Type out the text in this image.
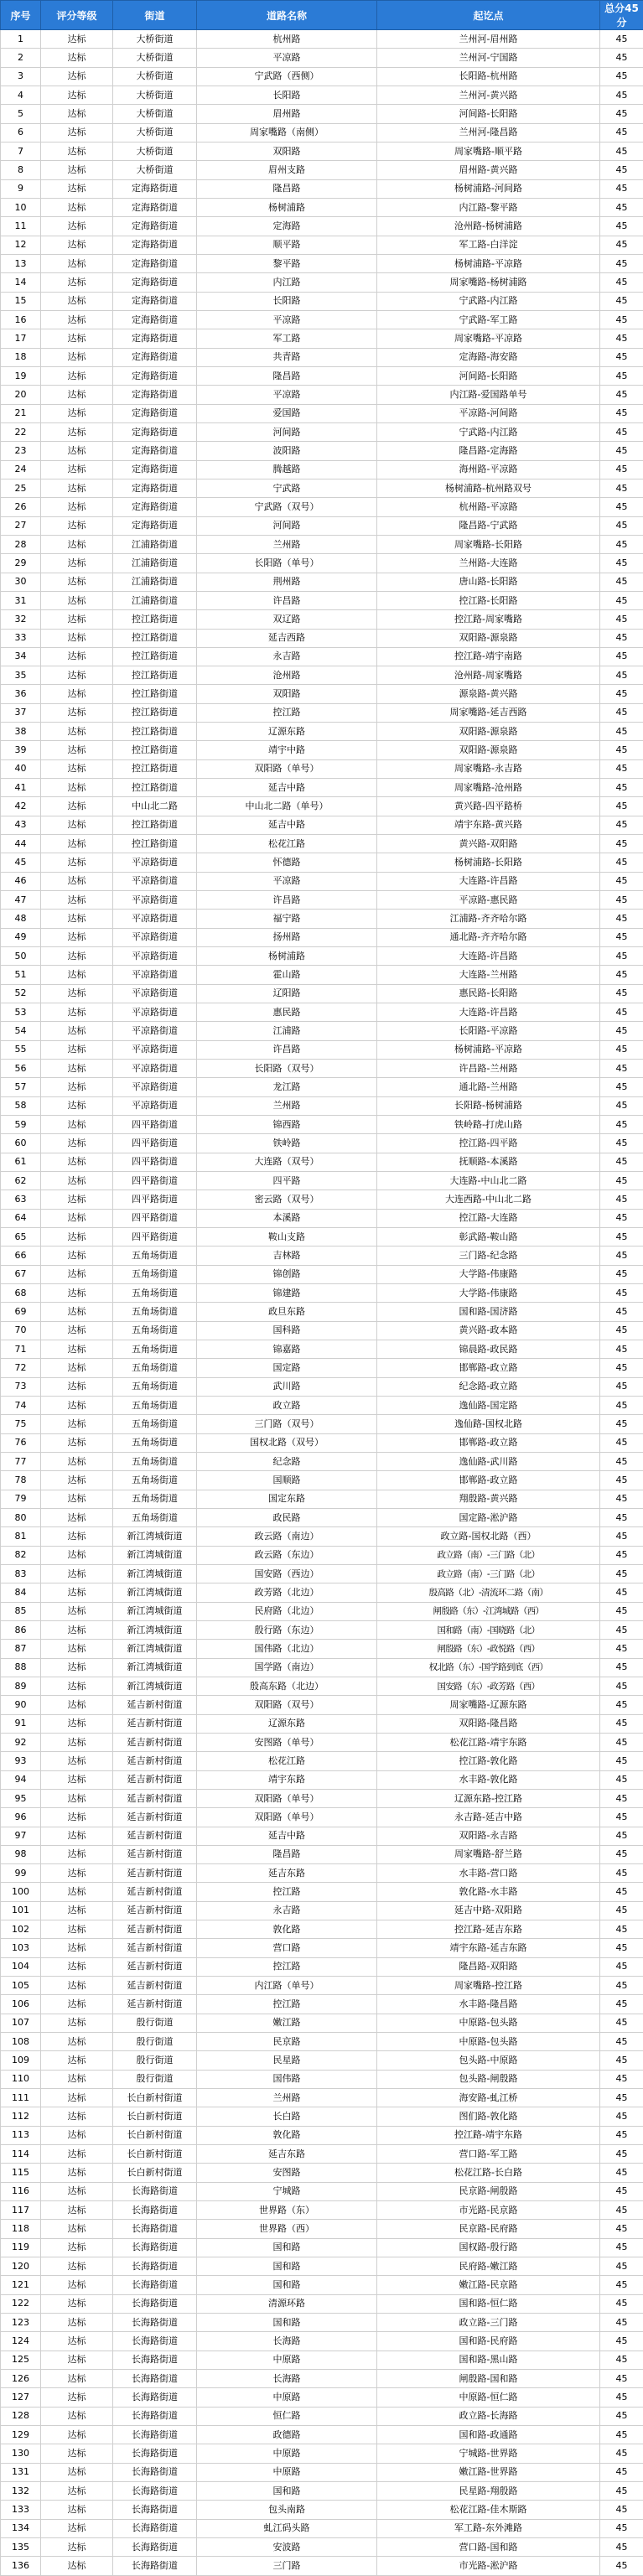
序号	评分等级	街道	道路名称	起讫点	总分45分
1	达标	大桥街道	杭州路	兰州河-眉州路	45
2	达标	大桥街道	平凉路	兰州河-宁国路	45
3	达标	大桥街道	宁武路（西侧）	长阳路-杭州路	45
4	达标	大桥街道	长阳路	兰州河-黄兴路	45
5	达标	大桥街道	眉州路	河间路-长阳路	45
6	达标	大桥街道	周家嘴路（南侧）	兰州河-隆昌路	45
7	达标	大桥街道	双阳路	周家嘴路-顺平路	45
8	达标	大桥街道	眉州支路	眉州路-黄兴路	45
9	达标	定海路街道	隆昌路	杨树浦路-河间路	45
10	达标	定海路街道	杨树浦路	内江路-黎平路	45
11	达标	定海路街道	定海路	沧州路-杨树浦路	45
12	达标	定海路街道	顺平路	军工路-白洋淀	45
13	达标	定海路街道	黎平路	杨树浦路-平凉路	45
14	达标	定海路街道	内江路	周家嘴路-杨树浦路	45
15	达标	定海路街道	长阳路	宁武路-内江路	45
16	达标	定海路街道	平凉路	宁武路-军工路	45
17	达标	定海路街道	军工路	周家嘴路-平凉路	45
18	达标	定海路街道	共青路	定海路-海安路	45
19	达标	定海路街道	隆昌路	河间路-长阳路	45
20	达标	定海路街道	平凉路	内江路-爱国路单号	45
21	达标	定海路街道	爱国路	平凉路-河间路	45
22	达标	定海路街道	河间路	宁武路-内江路	45
23	达标	定海路街道	波阳路	隆昌路-定海路	45
24	达标	定海路街道	腾越路	海州路-平凉路	45
25	达标	定海路街道	宁武路	杨树浦路-杭州路双号	45
26	达标	定海路街道	宁武路（双号）	杭州路-平凉路	45
27	达标	定海路街道	河间路	隆昌路-宁武路	45
28	达标	江浦路街道	兰州路	周家嘴路-长阳路	45
29	达标	江浦路街道	长阳路（单号）	兰州路-大连路	45
30	达标	江浦路街道	荆州路	唐山路-长阳路	45
31	达标	江浦路街道	许昌路	控江路-长阳路	45
32	达标	控江路街道	双辽路	控江路-周家嘴路	45
33	达标	控江路街道	延吉西路	双阳路-源泉路	45
34	达标	控江路街道	永吉路	控江路-靖宇南路	45
35	达标	控江路街道	沧州路	沧州路-周家嘴路	45
36	达标	控江路街道	双阳路	源泉路-黄兴路	45
37	达标	控江路街道	控江路	周家嘴路-延吉西路	45
38	达标	控江路街道	辽源东路	双阳路-源泉路	45
39	达标	控江路街道	靖宇中路	双阳路-源泉路	45
40	达标	控江路街道	双阳路（单号）	周家嘴路-永吉路	45
41	达标	控江路街道	延吉中路	周家嘴路-沧州路	45
42	达标	中山北二路	中山北二路（单号）	黄兴路-四平路桥	45
43	达标	控江路街道	延吉中路	靖宇东路-黄兴路	45
44	达标	控江路街道	松花江路	黄兴路-双阳路	45
45	达标	平凉路街道	怀德路	杨树浦路-长阳路	45
46	达标	平凉路街道	平凉路	大连路-许昌路	45
47	达标	平凉路街道	许昌路	平凉路-惠民路	45
48	达标	平凉路街道	福宁路	江浦路-齐齐哈尔路	45
49	达标	平凉路街道	扬州路	通北路-齐齐哈尔路	45
50	达标	平凉路街道	杨树浦路	大连路-许昌路	45
51	达标	平凉路街道	霍山路	大连路-兰州路	45
52	达标	平凉路街道	辽阳路	惠民路-长阳路	45
53	达标	平凉路街道	惠民路	大连路-许昌路	45
54	达标	平凉路街道	江浦路	长阳路-平凉路	45
55	达标	平凉路街道	许昌路	杨树浦路-平凉路	45
56	达标	平凉路街道	长阳路（双号）	许昌路-兰州路	45
57	达标	平凉路街道	龙江路	通北路-兰州路	45
58	达标	平凉路街道	兰州路	长阳路-杨树浦路	45
59	达标	四平路街道	锦西路	铁岭路-打虎山路	45
60	达标	四平路街道	铁岭路	控江路-四平路	45
61	达标	四平路街道	大连路（双号）	抚顺路-本溪路	45
62	达标	四平路街道	四平路	大连路-中山北二路	45
63	达标	四平路街道	密云路（双号）	大连西路-中山北二路	45
64	达标	四平路街道	本溪路	控江路-大连路	45
65	达标	四平路街道	鞍山支路	彰武路-鞍山路	45
66	达标	五角场街道	吉林路	三门路-纪念路	45
67	达标	五角场街道	锦创路	大学路-伟康路	45
68	达标	五角场街道	锦建路	大学路-伟康路	45
69	达标	五角场街道	政旦东路	国和路-国济路	45
70	达标	五角场街道	国科路	黄兴路-政本路	45
71	达标	五角场街道	锦嘉路	锦晨路-政民路	45
72	达标	五角场街道	国定路	邯郸路-政立路	45
73	达标	五角场街道	武川路	纪念路-政立路	45
74	达标	五角场街道	政立路	逸仙路-国定路	45
75	达标	五角场街道	三门路（双号）	逸仙路-国权北路	45
76	达标	五角场街道	国权北路（双号）	邯郸路-政立路	45
77	达标	五角场街道	纪念路	逸仙路-武川路	45
78	达标	五角场街道	国顺路	邯郸路-政立路	45
79	达标	五角场街道	国定东路	翔殷路-黄兴路	45
80	达标	五角场街道	政民路	国定路-淞沪路	45
81	达标	新江湾城街道	政云路（南边）	政立路-国权北路（西）	45
82	达标	新江湾城街道	政云路（东边）	政立路（南）-三门路（北）	45
83	达标	新江湾城街道	国安路（西边）	政立路（南）-三门路（北）	45
84	达标	新江湾城街道	政芳路（北边）	殷高路（北）-清流环二路（南）	45
85	达标	新江湾城街道	民府路（北边）	闸殷路（东）-江湾城路（西）	45
86	达标	新江湾城街道	殷行路（东边）	国和路（南）-国晓路（北）	45
87	达标	新江湾城街道	国伟路（北边）	闸殷路（东）-政悦路（西）	45
88	达标	新江湾城街道	国学路（南边）	权北路（东）-国学路到底（西）	45
89	达标	新江湾城街道	殷高东路（北边）	国安路（东）-政芳路（西）	45
90	达标	延吉新村街道	双阳路（双号）	周家嘴路-辽源东路	45
91	达标	延吉新村街道	辽源东路	双阳路-隆昌路	45
92	达标	延吉新村街道	安图路（单号）	松花江路-靖宇东路	45
93	达标	延吉新村街道	松花江路	控江路-敦化路	45
94	达标	延吉新村街道	靖宇东路	水丰路-敦化路	45
95	达标	延吉新村街道	双阳路（单号）	辽源东路-控江路	45
96	达标	延吉新村街道	双阳路（单号）	永吉路-延吉中路	45
97	达标	延吉新村街道	延吉中路	双阳路-永吉路	45
98	达标	延吉新村街道	隆昌路	周家嘴路-舒兰路	45
99	达标	延吉新村街道	延吉东路	水丰路-营口路	45
100	达标	延吉新村街道	控江路	敦化路-水丰路	45
101	达标	延吉新村街道	永吉路	延吉中路-双阳路	45
102	达标	延吉新村街道	敦化路	控江路-延吉东路	45
103	达标	延吉新村街道	营口路	靖宇东路-延吉东路	45
104	达标	延吉新村街道	控江路	隆昌路-双阳路	45
105	达标	延吉新村街道	内江路（单号）	周家嘴路-控江路	45
106	达标	延吉新村街道	控江路	水丰路-隆昌路	45
107	达标	殷行街道	嫩江路	中原路-包头路	45
108	达标	殷行街道	民京路	中原路-包头路	45
109	达标	殷行街道	民星路	包头路-中原路	45
110	达标	殷行街道	国伟路	包头路-闸殷路	45
111	达标	长白新村街道	兰州路	海安路-虬江桥	45
112	达标	长白新村街道	长白路	图们路-敦化路	45
113	达标	长白新村街道	敦化路	控江路-靖宇东路	45
114	达标	长白新村街道	延吉东路	营口路-军工路	45
115	达标	长白新村街道	安图路	松花江路-长白路	45
116	达标	长海路街道	宁城路	民京路-闸殷路	45
117	达标	长海路街道	世界路（东）	市光路-民京路	45
118	达标	长海路街道	世界路（西）	民京路-民府路	45
119	达标	长海路街道	国和路	国权路-殷行路	45
120	达标	长海路街道	国和路	民府路-嫩江路	45
121	达标	长海路街道	国和路	嫩江路-民京路	45
122	达标	长海路街道	清源环路	国和路-恒仁路	45
123	达标	长海路街道	国和路	政立路-三门路	45
124	达标	长海路街道	长海路	国和路-民府路	45
125	达标	长海路街道	中原路	国和路-黑山路	45
126	达标	长海路街道	长海路	闸殷路-国和路	45
127	达标	长海路街道	中原路	中原路-恒仁路	45
128	达标	长海路街道	恒仁路	政立路-长海路	45
129	达标	长海路街道	政德路	国和路-政通路	45
130	达标	长海路街道	中原路	宁城路-世界路	45
131	达标	长海路街道	中原路	嫩江路-世界路	45
132	达标	长海路街道	国和路	民星路-翔殷路	45
133	达标	长海路街道	包头南路	松花江路-佳木斯路	45
134	达标	长海路街道	虬江码头路	军工路-东外滩路	45
135	达标	长海路街道	安波路	营口路-国和路	45
136	达标	长海路街道	三门路	市光路-淞沪路	45
